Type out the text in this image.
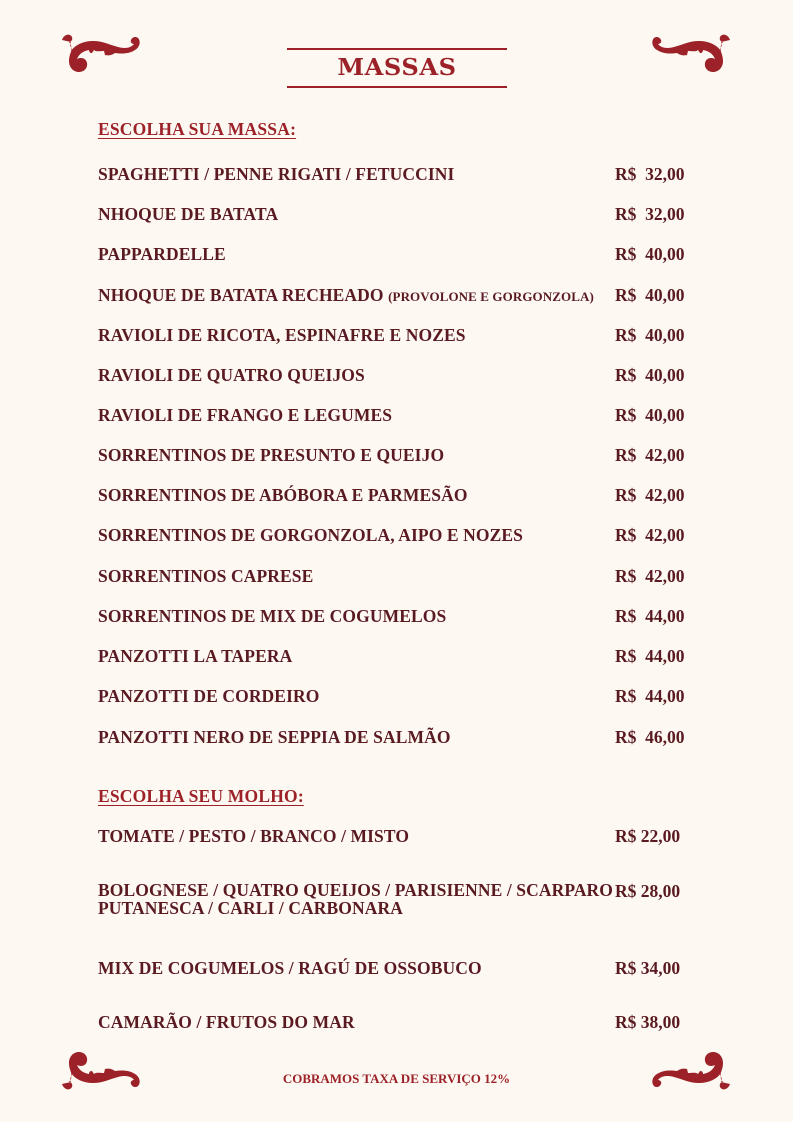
MASSAS
ESCOLHA SUA MASSA:
SPAGHETTI / PENNE RIGATI / FETUCCINI	R$  32,00
NHOQUE DE BATATA	R$  32,00
PAPPARDELLE	R$  40,00
NHOQUE DE BATATA RECHEADO (PROVOLONE E GORGONZOLA) R$  40,00
RAVIOLI DE RICOTA, ESPINAFRE E NOZES	R$  40,00
RAVIOLI DE QUATRO QUEIJOS	R$  40,00
RAVIOLI DE FRANGO E LEGUMES	R$  40,00
SORRENTINOS DE PRESUNTO E QUEIJO	R$  42,00
SORRENTINOS DE ABÓBORA E PARMESÃO	R$  42,00
SORRENTINOS DE GORGONZOLA, AIPO E NOZES	R$  42,00
SORRENTINOS CAPRESE	R$  42,00
SORRENTINOS DE MIX DE COGUMELOS	R$  44,00
PANZOTTI LA TAPERA	R$  44,00
PANZOTTI DE CORDEIRO	R$  44,00
PANZOTTI NERO DE SEPPIA DE SALMÃO	R$  46,00
ESCOLHA SEU MOLHO:
TOMATE / PESTO / BRANCO / MISTO	R$ 22,00
BOLOGNESE / QUATRO QUEIJOS / PARISIENNE / SCARPARO
PUTANESCA / CARLI / CARBONARA
R$ 28,00
MIX DE COGUMELOS / RAGÚ DE OSSOBUCO	R$ 34,00
CAMARÃO / FRUTOS DO MAR	R$ 38,00
COBRAMOS TAXA DE SERVIÇO 12%
